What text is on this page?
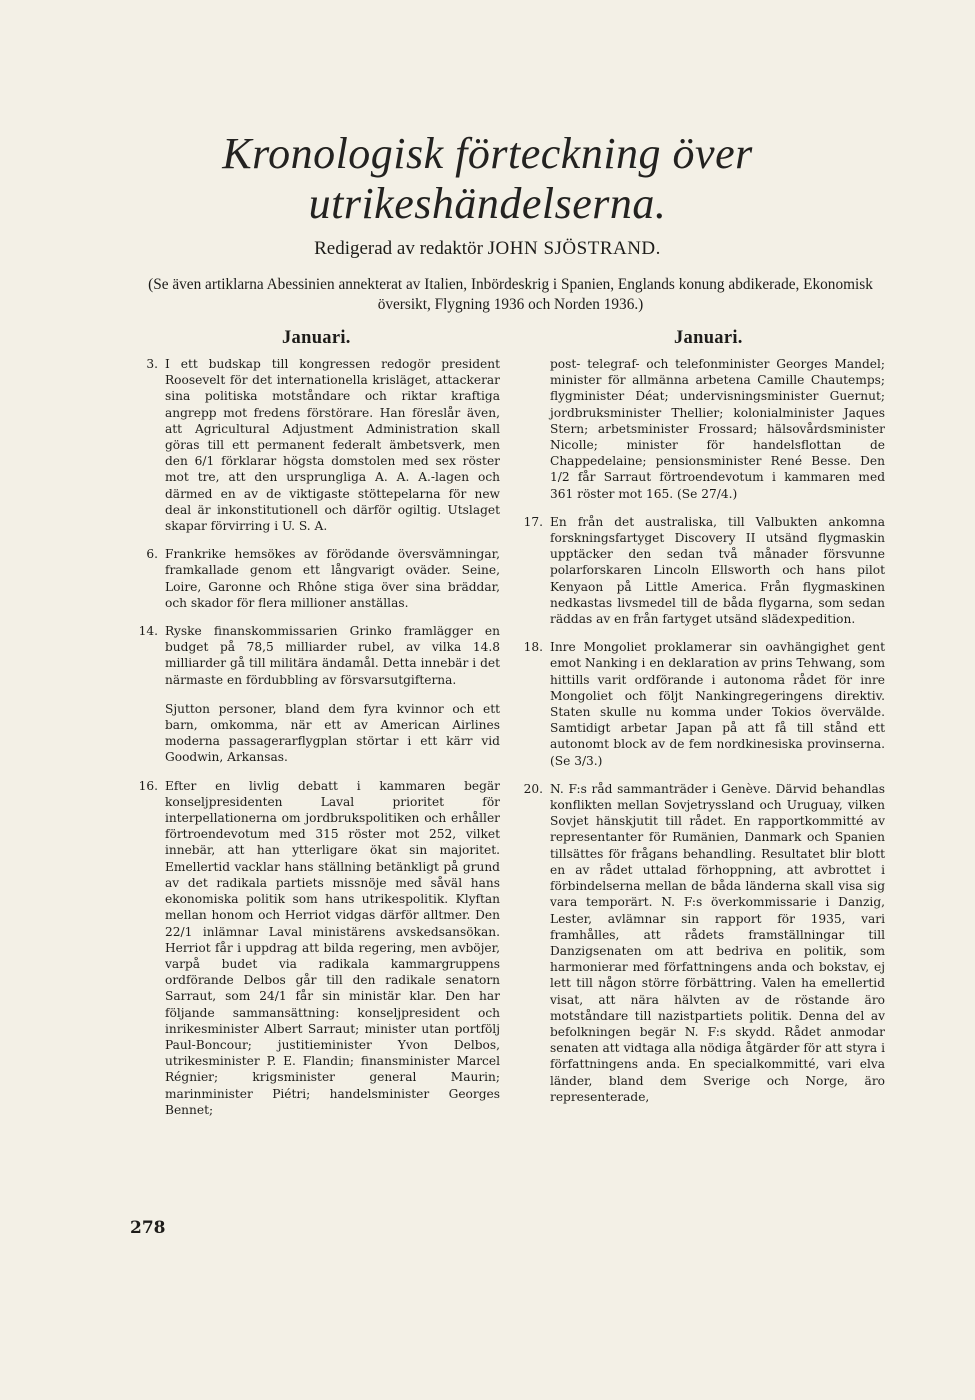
Kronologisk förteckning över
utrikeshändelserna.
Redigerad av redaktör JOHN SJÖSTRAND.
(Se även artiklarna Abessinien annekterat av Italien, Inbördeskrig i Spanien, Englands konung abdikerade, Ekonomisk översikt, Flygning 1936 och Norden 1936.)
Januari.	Januari.
3. I ett budskap till kongressen redogör president Roosevelt för det internationella krisläget, attackerar sina politiska motståndare och riktar kraftiga angrepp mot fredens förstörare. Han föreslår även, att Agricultural Adjustment Administration skall göras till ett permanent federalt ämbetsverk, men den 6/1 förklarar högsta domstolen med sex röster mot tre, att den ursprungliga A. A. A.-lagen och därmed en av de viktigaste stöttepelarna för new deal är inkonstitutionell och därför ogiltig. Utslaget skapar förvirring i U. S. A.
6. Frankrike hemsökes av förödande översvämningar, framkallade genom ett långvarigt oväder. Seine, Loire, Garonne och Rhône stiga över sina bräddar, och skador för flera millioner anställas.
14. Ryske finanskommissarien Grinko framlägger en budget på 78,5 milliarder rubel, av vilka 14.8 milliarder gå till militära ändamål. Detta innebär i det närmaste en fördubbling av försvarsutgifterna.
Sjutton personer, bland dem fyra kvinnor och ett barn, omkomma, när ett av American Airlines moderna passagerarflygplan störtar i ett kärr vid Goodwin, Arkansas.
16. Efter en livlig debatt i kammaren begär konseljpresidenten Laval prioritet för interpellationerna om jordbrukspolitiken och erhåller förtroendevotum med 315 röster mot 252, vilket innebär, att han ytterligare ökat sin majoritet. Emellertid vacklar hans ställning betänkligt på grund av det radikala partiets missnöje med såväl hans ekonomiska politik som hans utrikespolitik. Klyftan mellan honom och Herriot vidgas därför alltmer. Den 22/1 inlämnar Laval ministärens avskedsansökan. Herriot får i uppdrag att bilda regering, men avböjer, varpå budet via radikala kammargruppens ordförande Delbos går till den radikale senatorn Sarraut, som 24/1 får sin ministär klar. Den har följande sammansättning: konseljpresident och inrikesminister Albert Sarraut; minister utan portfölj Paul-Boncour; justitieminister Yvon Delbos, utrikesminister P. E. Flandin; finansminister Marcel Régnier; krigsminister general Maurin; marinminister Piétri; handelsminister Georges Bennet;
post- telegraf- och telefonminister Georges Mandel; minister för allmänna arbetena Camille Chautemps; flygminister Déat; undervisningsminister Guernut; jordbruksminister Thellier; kolonialminister Jaques Stern; arbetsminister Frossard; hälsovårdsminister Nicolle; minister för handelsflottan de Chappedelaine; pensionsminister René Besse. Den 1/2 får Sarraut förtroendevotum i kammaren med 361 röster mot 165. (Se 27/4.)
17. En från det australiska, till Valbukten ankomna forskningsfartyget Discovery II utsänd flygmaskin upptäcker den sedan två månader försvunne polarforskaren Lincoln Ellsworth och hans pilot Kenyaon på Little America. Från flygmaskinen nedkastas livsmedel till de båda flygarna, som sedan räddas av en från fartyget utsänd slädexpedition.
18. Inre Mongoliet proklamerar sin oavhängighet gent emot Nanking i en deklaration av prins Tehwang, som hittills varit ordförande i autonoma rådet för inre Mongoliet och följt Nankingregeringens direktiv. Staten skulle nu komma under Tokios övervälde. Samtidigt arbetar Japan på att få till stånd ett autonomt block av de fem nordkinesiska provinserna. (Se 3/3.)
20. N. F:s råd sammanträder i Genève. Därvid behandlas konflikten mellan Sovjetryssland och Uruguay, vilken Sovjet hänskjutit till rådet. En rapportkommitté av representanter för Rumänien, Danmark och Spanien tillsättes för frågans behandling. Resultatet blir blott en av rådet uttalad förhoppning, att avbrottet i förbindelserna mellan de båda länderna skall visa sig vara temporärt. N. F:s överkommissarie i Danzig, Lester, avlämnar sin rapport för 1935, vari framhålles, att rådets framställningar till Danzigsenaten om att bedriva en politik, som harmonierar med författningens anda och bokstav, ej lett till någon större förbättring. Valen ha emellertid visat, att nära hälvten av de röstande äro motståndare till nazistpartiets politik. Denna del av befolkningen begär N. F:s skydd. Rådet anmodar senaten att vidtaga alla nödiga åtgärder för att styra i författningens anda. En specialkommitté, vari elva länder, bland dem Sverige och Norge, äro representerade,
278
